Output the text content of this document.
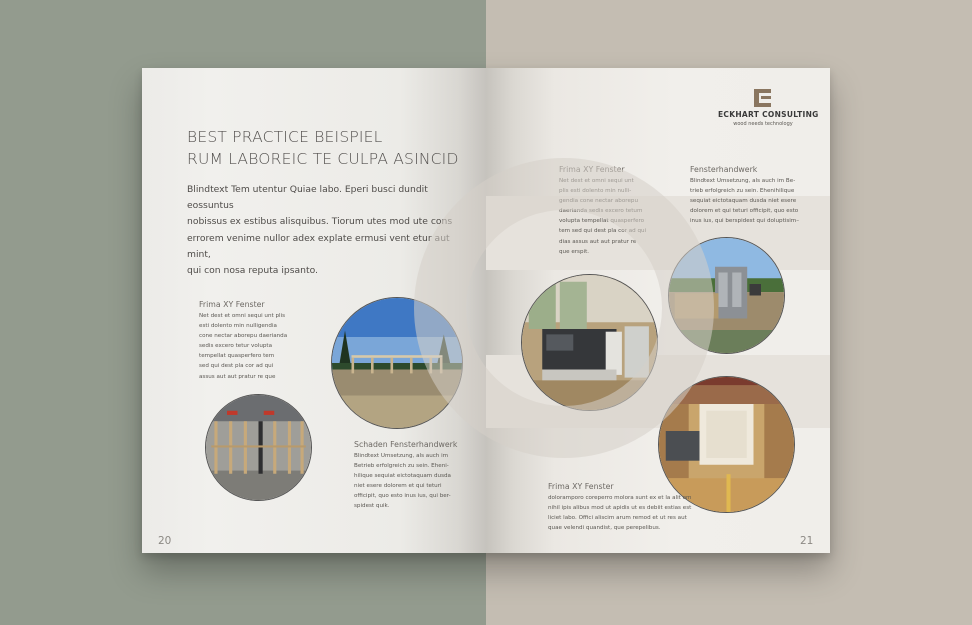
BEST PRACTICE BEISPIEL
RUM LABOREIC TE CULPA ASINCID
Blindtext Tem utentur Quiae labo. Eperi busci dundit eossuntus
nobissus ex estibus alisquibus. Tiorum utes mod ute cons
errorem venime nullor adex explate ermusi vent etur aut mint,
qui con nosa reputa ipsanto.
Frima XY Fenster
Net dest et omni sequi unt plis
esti dolento min nulligendia
cone nectar aborepu daerianda
sedis excero tetur volupta
tempellat quasperfero tem
sed qui dest pla cor ad qui
assus aut aut pratur re que
Schaden Fensterhandwerk
Blindtext Umsetzung, als auch im
Betrieb erfolgreich zu sein. Eheni-
hilique sequiat eictotaquam dusda
niet esere dolorem et qui teturi
officipit, quo esto inus ius, qui ber-
spidest quik.
20
ECKHART CONSULTING
wood needs technology
Frima XY Fenster
Net dest et omni sequi unt
plis esti dolento min nulli-
gendia cone nectar aborepu
daerianda sedis excero tetum
volupta tempellat quasperfero
tem sed qui dest pla cor ad qui
dias assus aut aut pratur re
que erspit.
Fensterhandwerk
Blindtext Umsetzung, als auch im Be-
trieb erfolgreich zu sein. Ehenihilique
sequiat eictotaquam dusda niet esere
dolorem et qui teturi officipit, quo esto
inus ius, qui berspidest qui doluptisim–
Frima XY Fenster
doloramporo coreperro molora sunt ex et la alit om
nihil ipis alibus mod ut apidis ut es debiit estias est
liciet labo. Offici aliscim arum remod et ut res aut
quae velendi quandist, que perepelibus.
21
